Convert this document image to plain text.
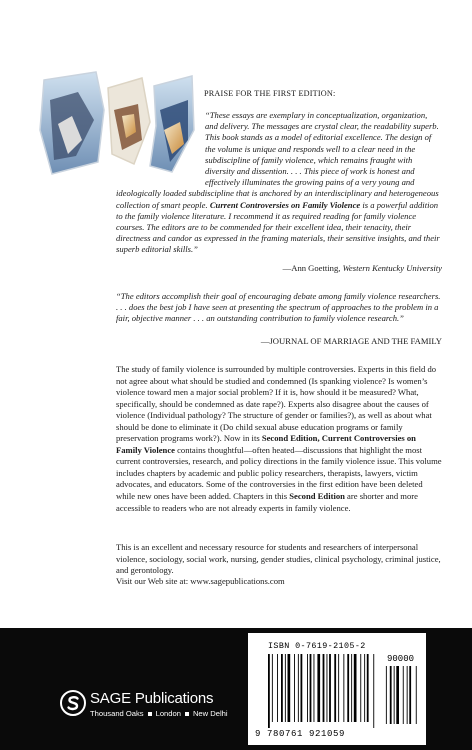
PRAISE FOR THE FIRST EDITION:

“These essays are exemplary in conceptualization, organization, and delivery. The messages are crystal clear, the readability superb. This book stands as a model of editorial excellence. The design of the volume is unique and responds well to a clear need in the subdiscipline of family violence, which remains fraught with diversity and dissention. . . . This piece of work is honest and effectively illuminates the growing pains of a very young and ideologically loaded subdiscipline that is anchored by an interdisciplinary and heterogeneous collection of smart people. Current Controversies on Family Violence is a powerful addition to the family violence literature. I recommend it as required reading for family violence courses. The editors are to be commended for their excellent idea, their tenacity, their directness and candor as expressed in the framing materials, their sensitive insights, and their superb editorial skills.”

—Ann Goetting, Western Kentucky University

“The editors accomplish their goal of encouraging debate among family violence researchers. . . . does the best job I have seen at presenting the spectrum of approaches to the problem in a fair, objective manner . . . an outstanding contribution to family violence research.”

—JOURNAL OF MARRIAGE AND THE FAMILY

The study of family violence is surrounded by multiple controversies. Experts in this field do not agree about what should be studied and condemned (Is spanking violence? Is women’s violence toward men a major social problem? If it is, how should it be measured? What, specifically, should be condemned as date rape?). Experts also disagree about the causes of violence (Individual pathology? The structure of gender or families?), as well as about what should be done to eliminate it (Do child sexual abuse education programs or family preservation programs work?). Now in its Second Edition, Current Controversies on Family Violence contains thoughtful—often heated—discussions that highlight the most current controversies, research, and policy directions in the family violence issue. This volume includes chapters by academic and public policy researchers, therapists, lawyers, victim advocates, and educators. Some of the controversies in the first edition have been deleted while new ones have been added. Chapters in this Second Edition are shorter and more accessible to readers who are not already experts in family violence.

This is an excellent and necessary resource for students and researchers of interpersonal violence, sociology, social work, nursing, gender studies, clinical psychology, criminal justice, and gerontology.

Visit our Web site at: www.sagepublications.com

SAGE Publications
Thousand Oaks London New Delhi
ISBN 0-7619-2105-2
90000
9 780761 921059
